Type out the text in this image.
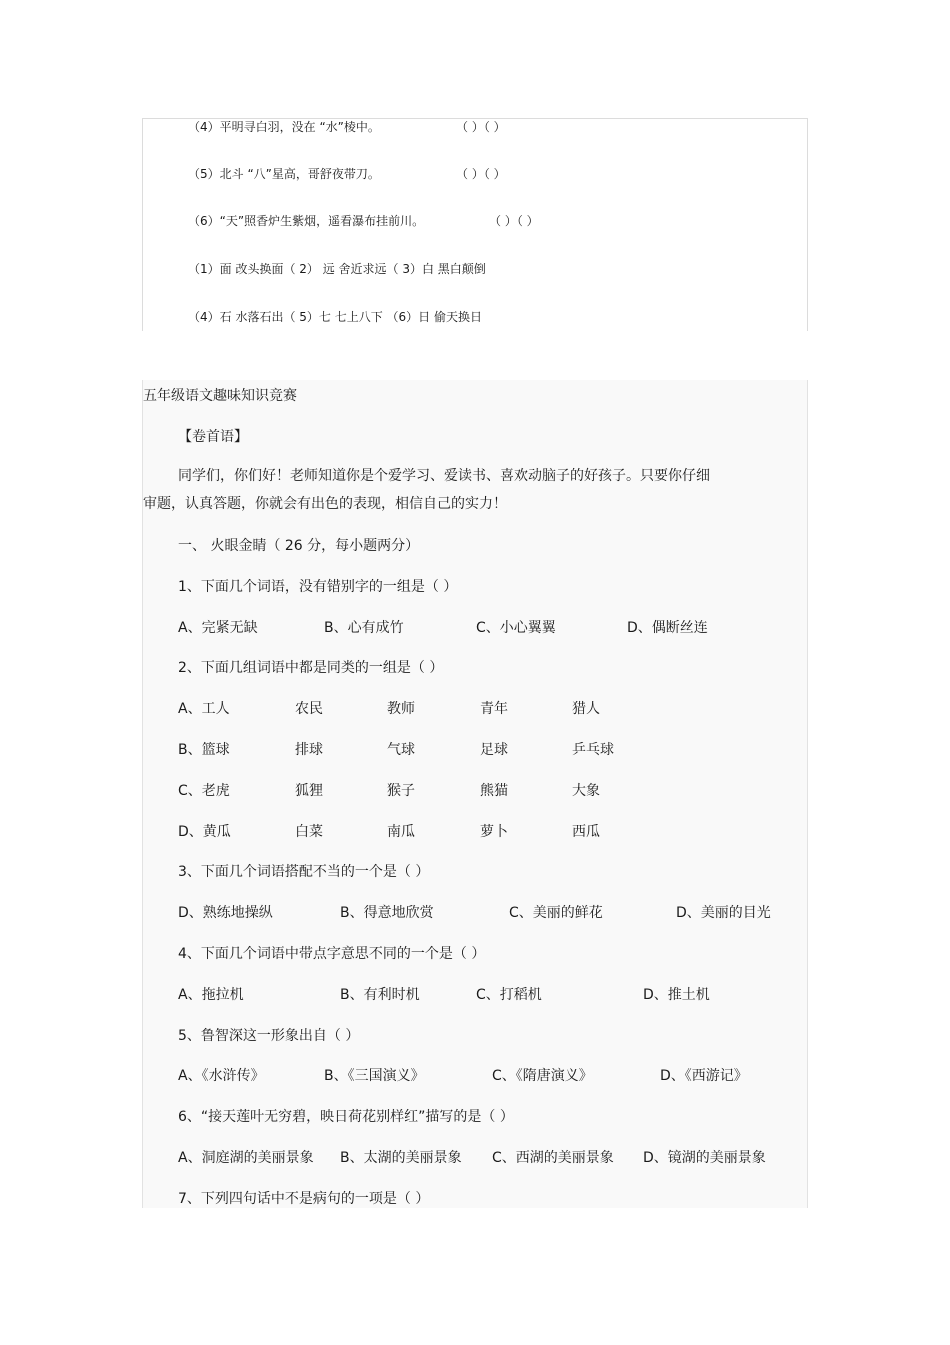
（4）平明寻白羽，没在 “水”棱中。	（ ）（ ）
（5）北斗 “八”星高，哥舒夜带刀。	（ ）（ ）
（6）“天”照香炉生紫烟，遥看瀑布挂前川。	（ ）（ ）
（1）面 改头换面（ 2） 远 舍近求远（ 3）白 黑白颠倒
（4）石 水落石出（ 5）七 七上八下 （6）日 偷天换日
五年级语文趣味知识竞赛
【卷首语】
同学们，你们好！老师知道你是个爱学习、爱读书、喜欢动脑子的好孩子。只要你仔细
审题，认真答题，你就会有出色的表现，相信自己的实力！
一、 火眼金睛（ 26 分，每小题两分）
1、下面几个词语，没有错别字的一组是（ ）
A、完紧无缺	B、心有成竹	C、小心翼翼	D、偶断丝连
2、下面几组词语中都是同类的一组是（ ）
A、工人	农民	教师	青年	猎人
B、篮球	排球	气球	足球	乒乓球
C、老虎	狐狸	猴子	熊猫	大象
D、黄瓜	白菜	南瓜	萝卜	西瓜
3、下面几个词语搭配不当的一个是（ ）
D、熟练地操纵	B、得意地欣赏	C、美丽的鲜花	D、美丽的目光
4、下面几个词语中带点字意思不同的一个是（ ）
A、拖拉机	B、有利时机	C、打稻机	D、推土机
5、鲁智深这一形象出自（ ）
A、《水浒传》	B、《三国演义》	C、《隋唐演义》	D、《西游记》
6、“接天莲叶无穷碧，映日荷花别样红”描写的是（ ）
A、洞庭湖的美丽景象 B、太湖的美丽景象 C、西湖的美丽景象 D、镜湖的美丽景象
7、下列四句话中不是病句的一项是（ ）
